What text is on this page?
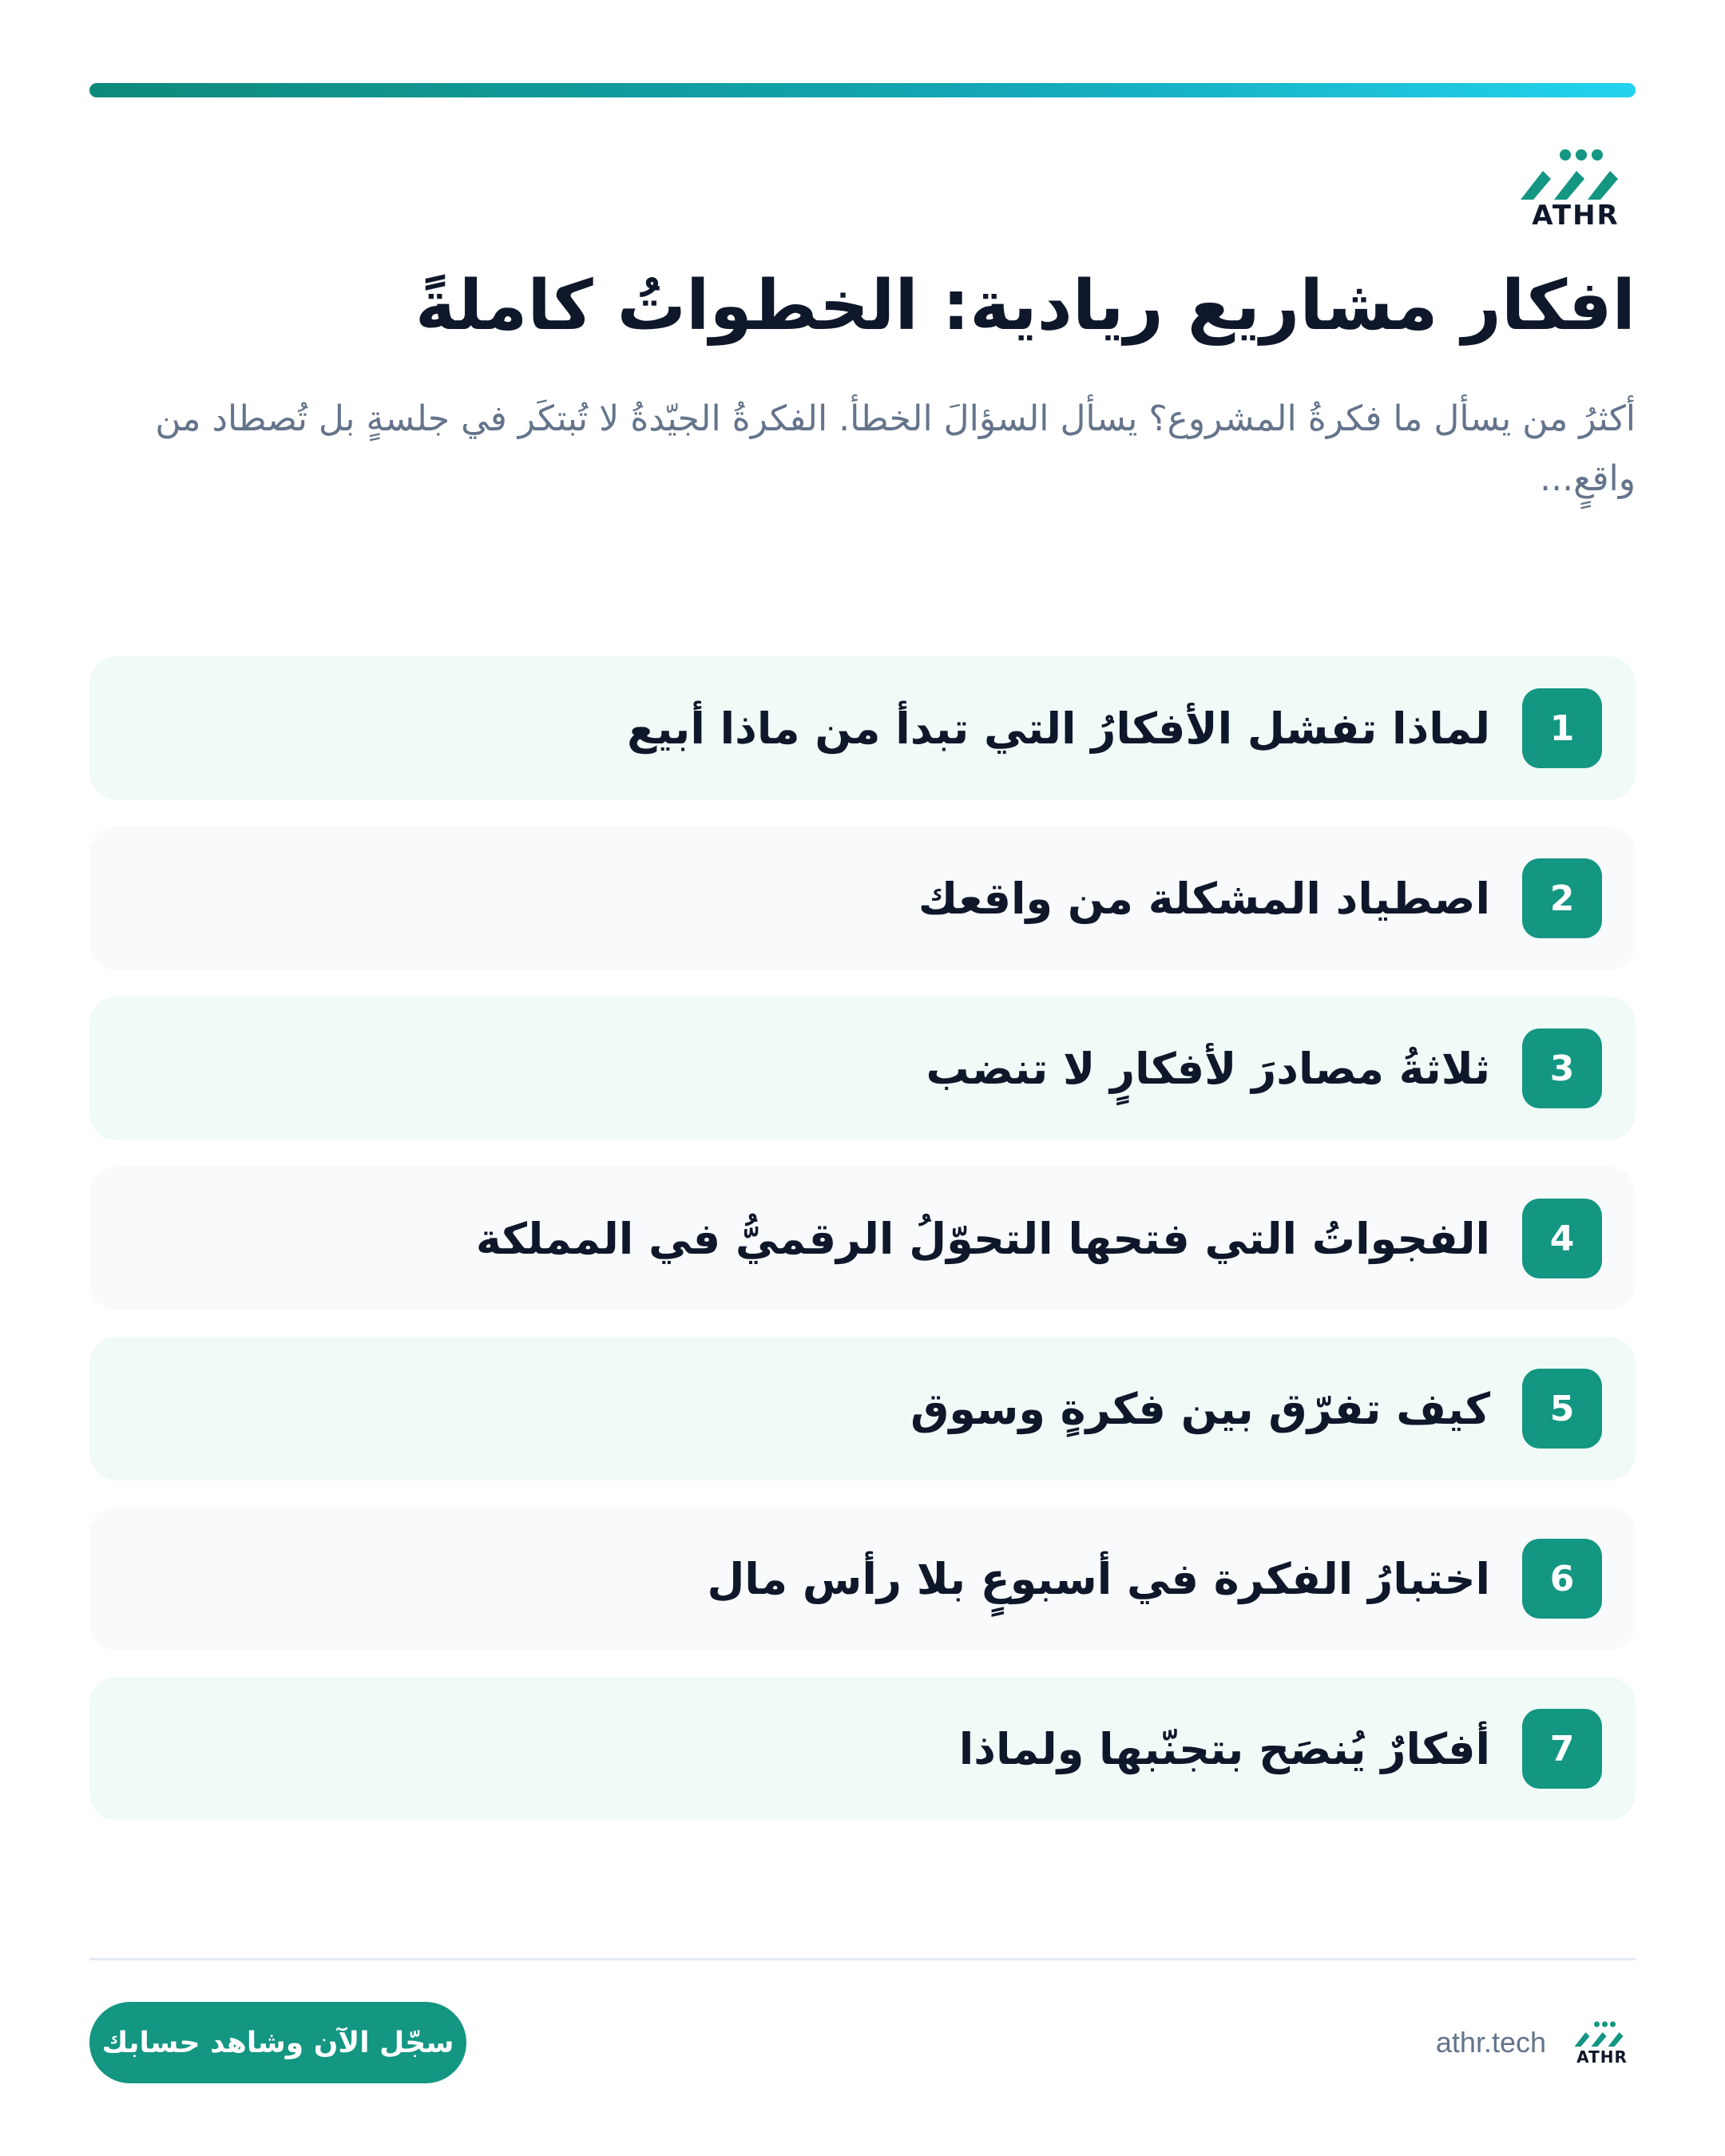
ATHR
افكار مشاريع ريادية: الخطواتُ كاملةً

أكثرُ من يسأل ما فكرةُ المشروع؟ يسأل السؤالَ الخطأ. الفكرةُ الجيّدةُ لا تُبتكَر في جلسةٍ بل تُصطاد من واقعٍ...

1
لماذا تفشل الأفكارُ التي تبدأ من ماذا أبيع
2
اصطياد المشكلة من واقعك
3
ثلاثةُ مصادرَ لأفكارٍ لا تنضب
4
الفجواتُ التي فتحها التحوّلُ الرقميُّ في المملكة
5
كيف تفرّق بين فكرةٍ وسوق
6
اختبارُ الفكرة في أسبوعٍ بلا رأس مال
7
أفكارٌ يُنصَح بتجنّبها ولماذا
سجّل الآن وشاهد حسابك	athr.tech	ATHR
